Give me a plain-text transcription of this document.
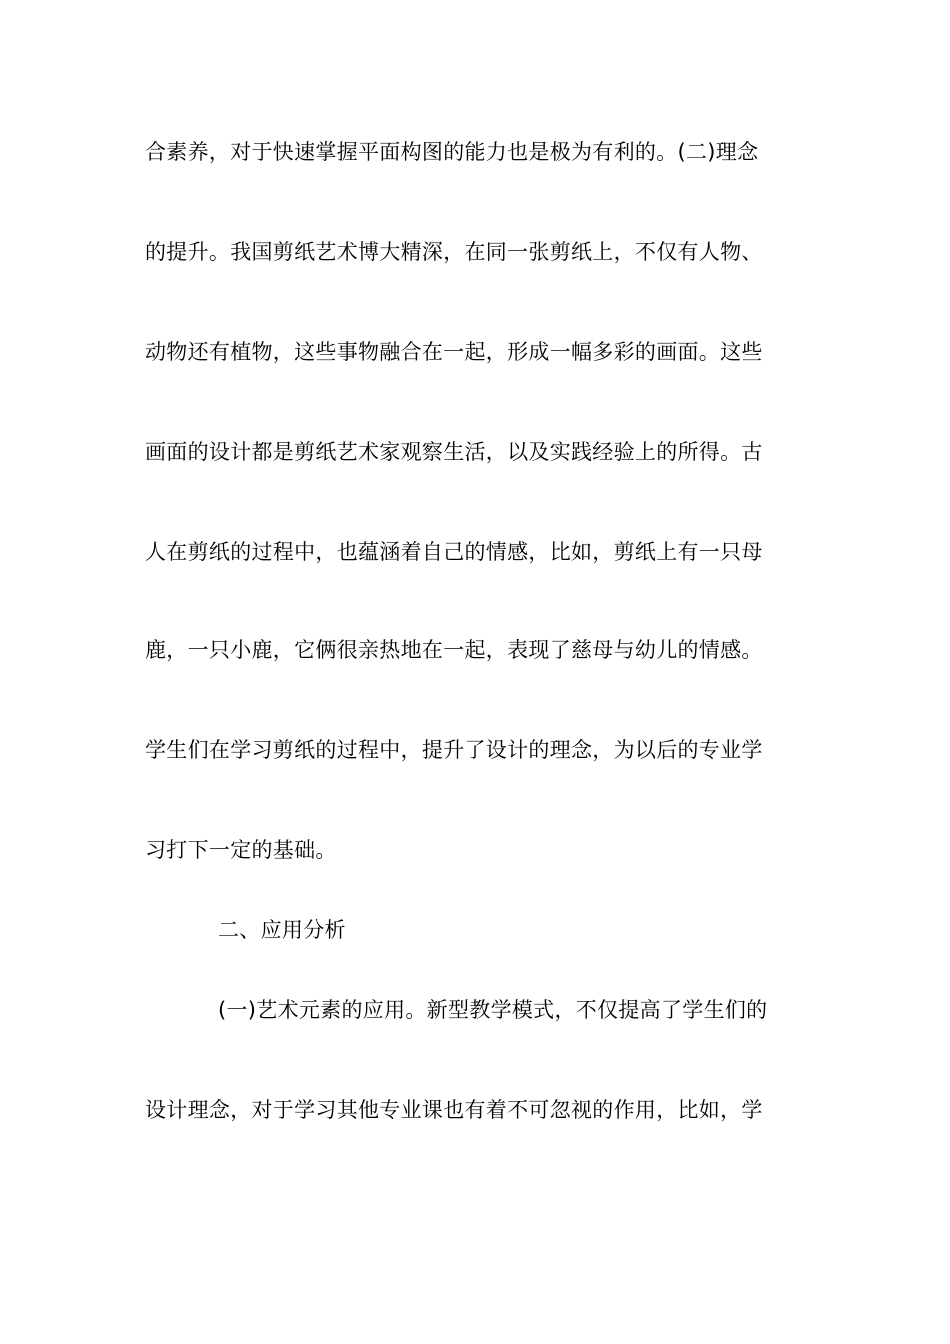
合素养，对于快速掌握平面构图的能力也是极为有利的。(二)理念
的提升。我国剪纸艺术博大精深，在同一张剪纸上，不仅有人物、
动物还有植物，这些事物融合在一起，形成一幅多彩的画面。这些
画面的设计都是剪纸艺术家观察生活，以及实践经验上的所得。古
人在剪纸的过程中，也蕴涵着自己的情感，比如，剪纸上有一只母
鹿，一只小鹿，它俩很亲热地在一起，表现了慈母与幼儿的情感。
学生们在学习剪纸的过程中，提升了设计的理念，为以后的专业学
习打下一定的基础。
二、应用分析
(一)艺术元素的应用。新型教学模式，不仅提高了学生们的
设计理念，对于学习其他专业课也有着不可忽视的作用，比如，学
